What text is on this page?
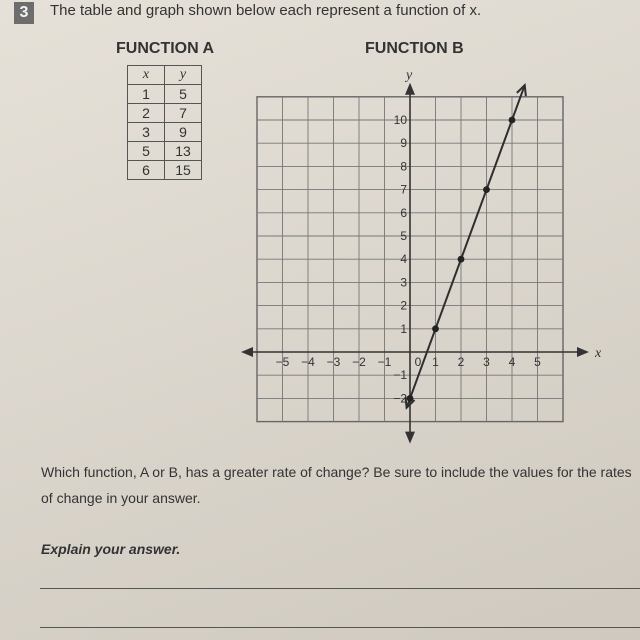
3	The table and graph shown below each represent a function of x.
FUNCTION A	FUNCTION B
x	y
1	5
2	7
3	9
5	13
6	15
x
y
−5 −4 −3 −2 −1 0 1 2 3 4 5
−2
−1
1
2
3
4
5
6
7
8
9
10
Which function, A or B, has a greater rate of change? Be sure to include the values for the rates of change in your answer.
Explain your answer.
